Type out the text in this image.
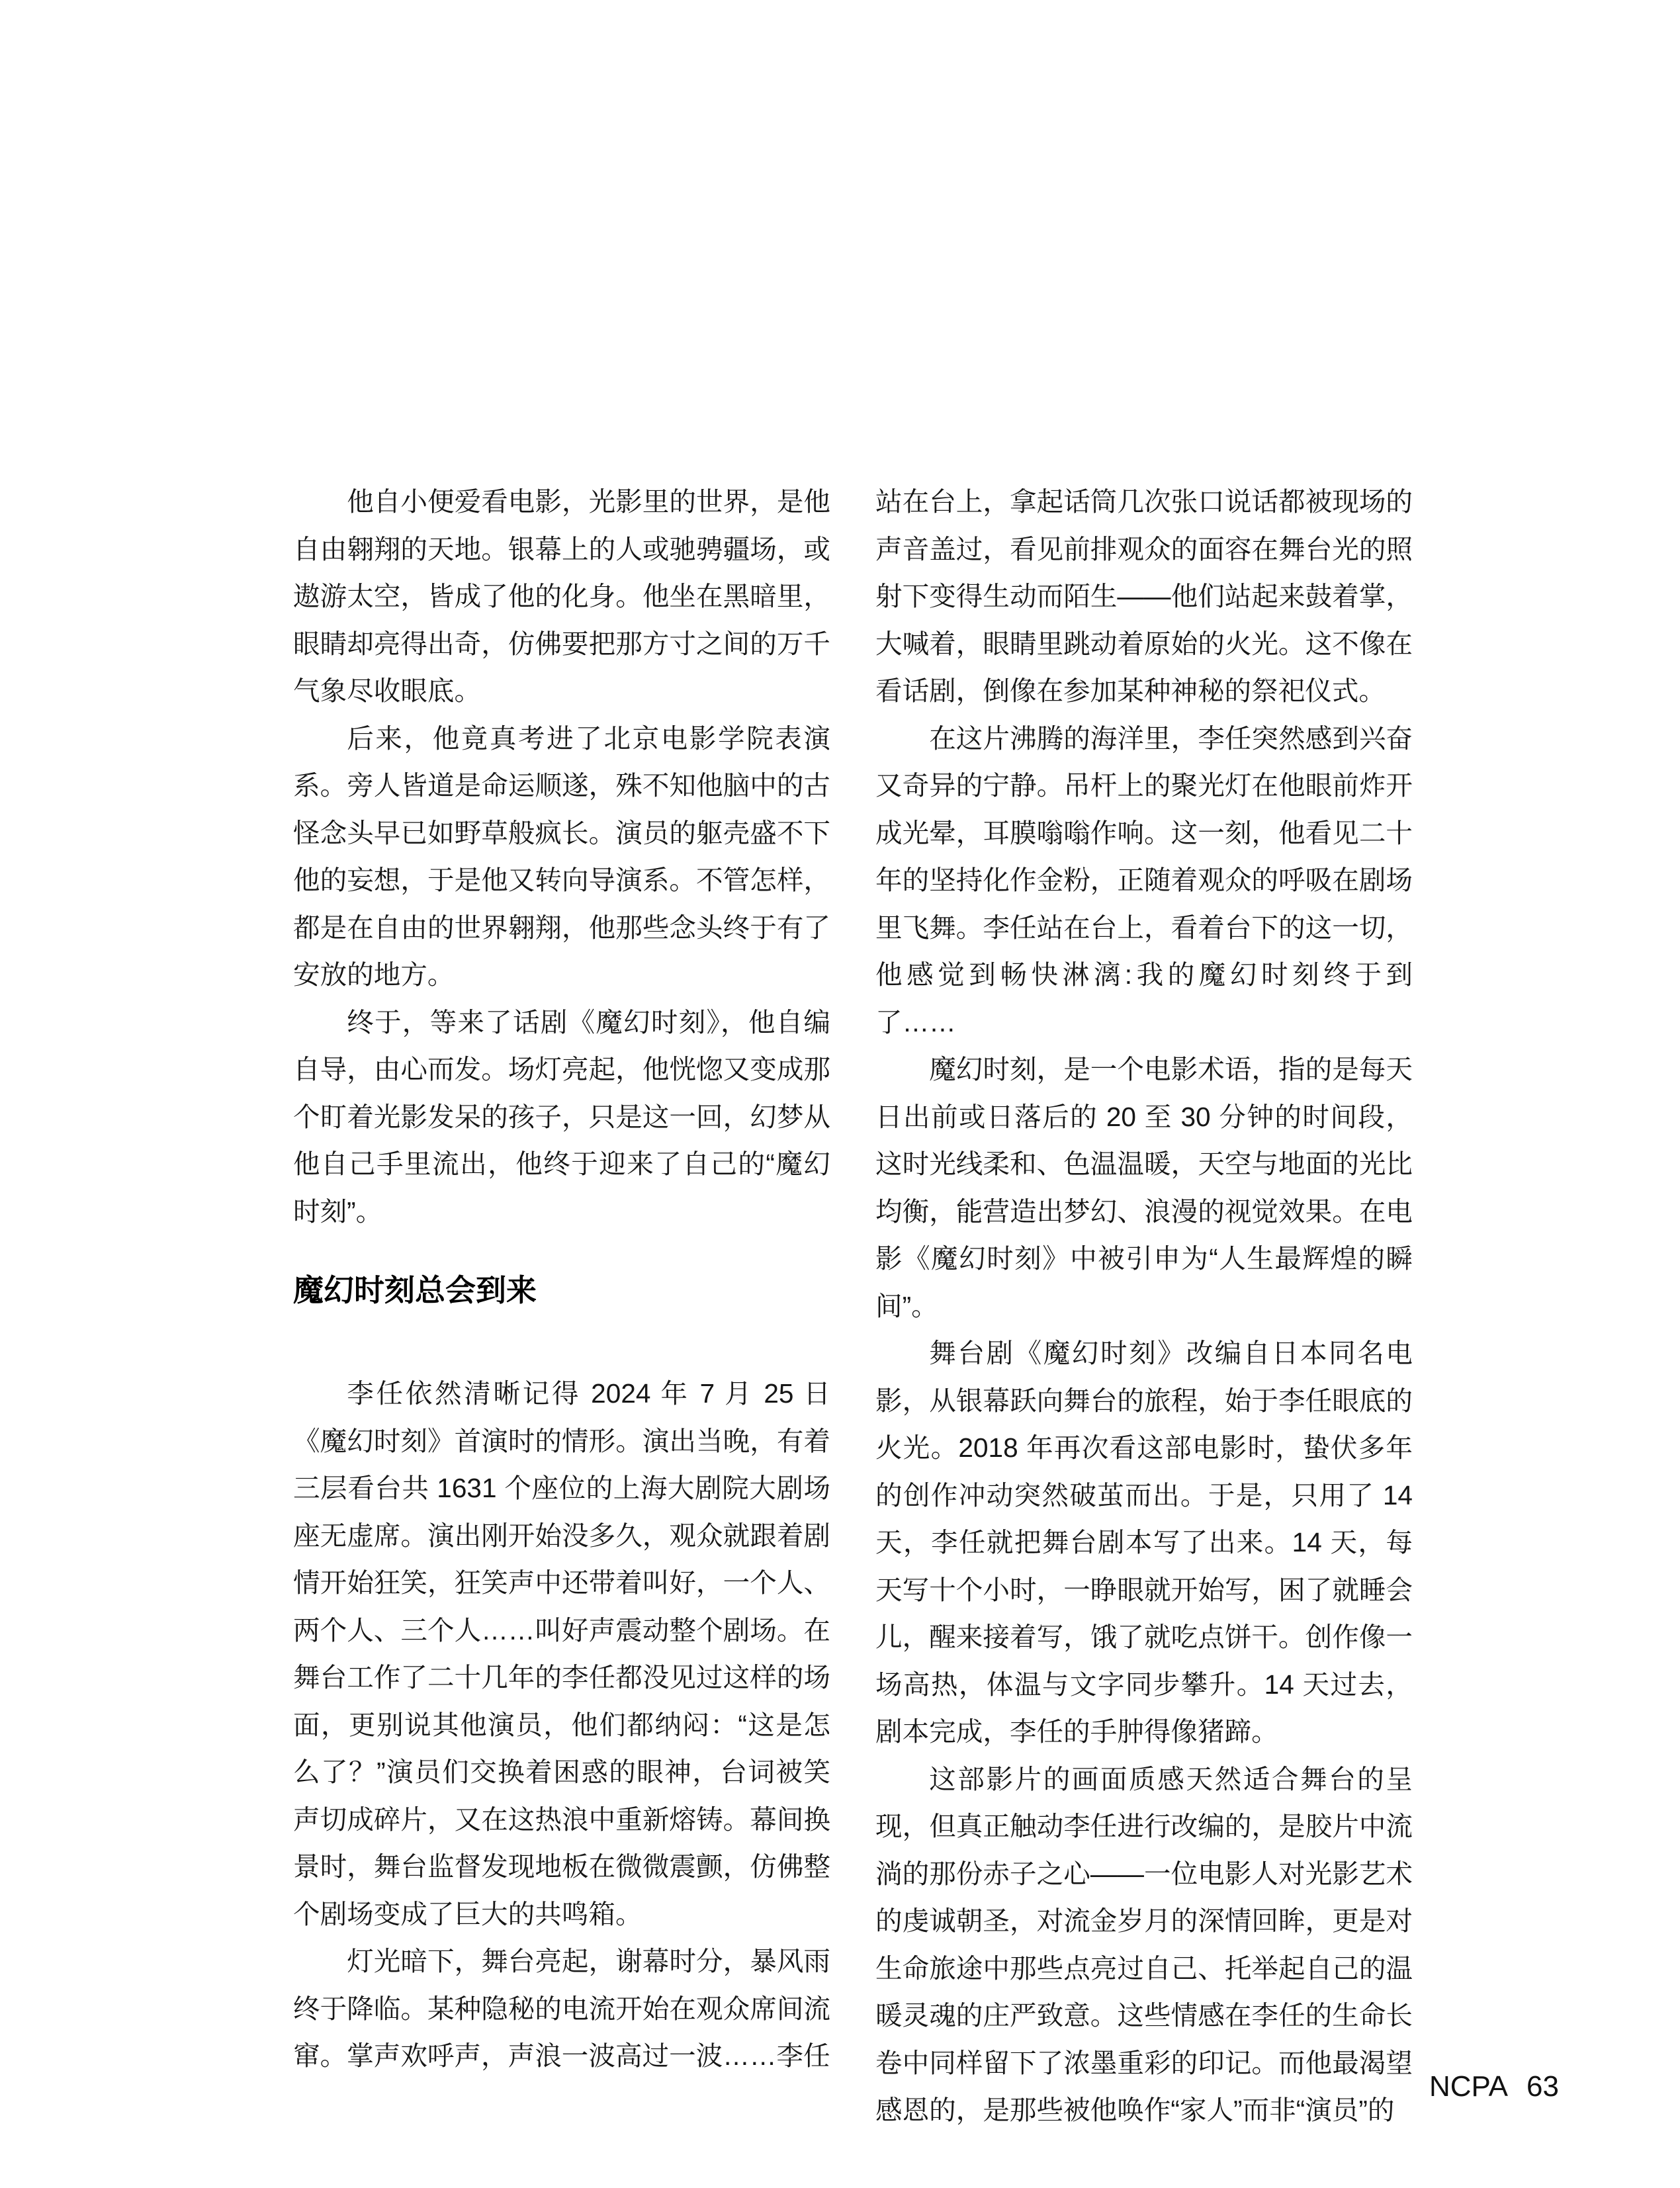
他自小便爱看电影，光影里的世界，是他自由翱翔的天地。银幕上的人或驰骋疆场，或遨游太空，皆成了他的化身。他坐在黑暗里，眼睛却亮得出奇，仿佛要把那方寸之间的万千气象尽收眼底。

后来，他竟真考进了北京电影学院表演系。旁人皆道是命运顺遂，殊不知他脑中的古怪念头早已如野草般疯长。演员的躯壳盛不下他的妄想，于是他又转向导演系。不管怎样，都是在自由的世界翱翔，他那些念头终于有了安放的地方。

终于，等来了话剧《魔幻时刻》，他自编自导，由心而发。场灯亮起，他恍惚又变成那个盯着光影发呆的孩子，只是这一回，幻梦从他自己手里流出，他终于迎来了自己的“魔幻时刻”。

魔幻时刻总会到来

李任依然清晰记得 2024 年 7 月 25 日《魔幻时刻》首演时的情形。演出当晚，有着三层看台共 1631 个座位的上海大剧院大剧场座无虚席。演出刚开始没多久，观众就跟着剧情开始狂笑，狂笑声中还带着叫好，一个人、两个人、三个人……叫好声震动整个剧场。在舞台工作了二十几年的李任都没见过这样的场面，更别说其他演员，他们都纳闷：“这是怎么了？”演员们交换着困惑的眼神，台词被笑声切成碎片，又在这热浪中重新熔铸。幕间换景时，舞台监督发现地板在微微震颤，仿佛整个剧场变成了巨大的共鸣箱。

灯光暗下，舞台亮起，谢幕时分，暴风雨终于降临。某种隐秘的电流开始在观众席间流窜。掌声欢呼声，声浪一波高过一波……李任

站在台上，拿起话筒几次张口说话都被现场的声音盖过，看见前排观众的面容在舞台光的照射下变得生动而陌生——他们站起来鼓着掌，大喊着，眼睛里跳动着原始的火光。这不像在看话剧，倒像在参加某种神秘的祭祀仪式。

在这片沸腾的海洋里，李任突然感到兴奋又奇异的宁静。吊杆上的聚光灯在他眼前炸开成光晕，耳膜嗡嗡作响。这一刻，他看见二十年的坚持化作金粉，正随着观众的呼吸在剧场里飞舞。李任站在台上，看着台下的这一切，他感觉到畅快淋漓:我的魔幻时刻终于到了……

魔幻时刻，是一个电影术语，指的是每天日出前或日落后的 20 至 30 分钟的时间段，这时光线柔和、色温温暖，天空与地面的光比均衡，能营造出梦幻、浪漫的视觉效果。在电影《魔幻时刻》中被引申为“人生最辉煌的瞬间”。

舞台剧《魔幻时刻》改编自日本同名电影，从银幕跃向舞台的旅程，始于李任眼底的火光。2018 年再次看这部电影时，蛰伏多年的创作冲动突然破茧而出。于是，只用了 14 天，李任就把舞台剧本写了出来。14 天，每天写十个小时，一睁眼就开始写，困了就睡会儿，醒来接着写，饿了就吃点饼干。创作像一场高热，体温与文字同步攀升。14 天过去，剧本完成，李任的手肿得像猪蹄。

这部影片的画面质感天然适合舞台的呈现，但真正触动李任进行改编的，是胶片中流淌的那份赤子之心——一位电影人对光影艺术的虔诚朝圣，对流金岁月的深情回眸，更是对生命旅途中那些点亮过自己、托举起自己的温暖灵魂的庄严致意。这些情感在李任的生命长卷中同样留下了浓墨重彩的印记。而他最渴望感恩的，是那些被他唤作“家人”而非“演员”的

NCPA 63
